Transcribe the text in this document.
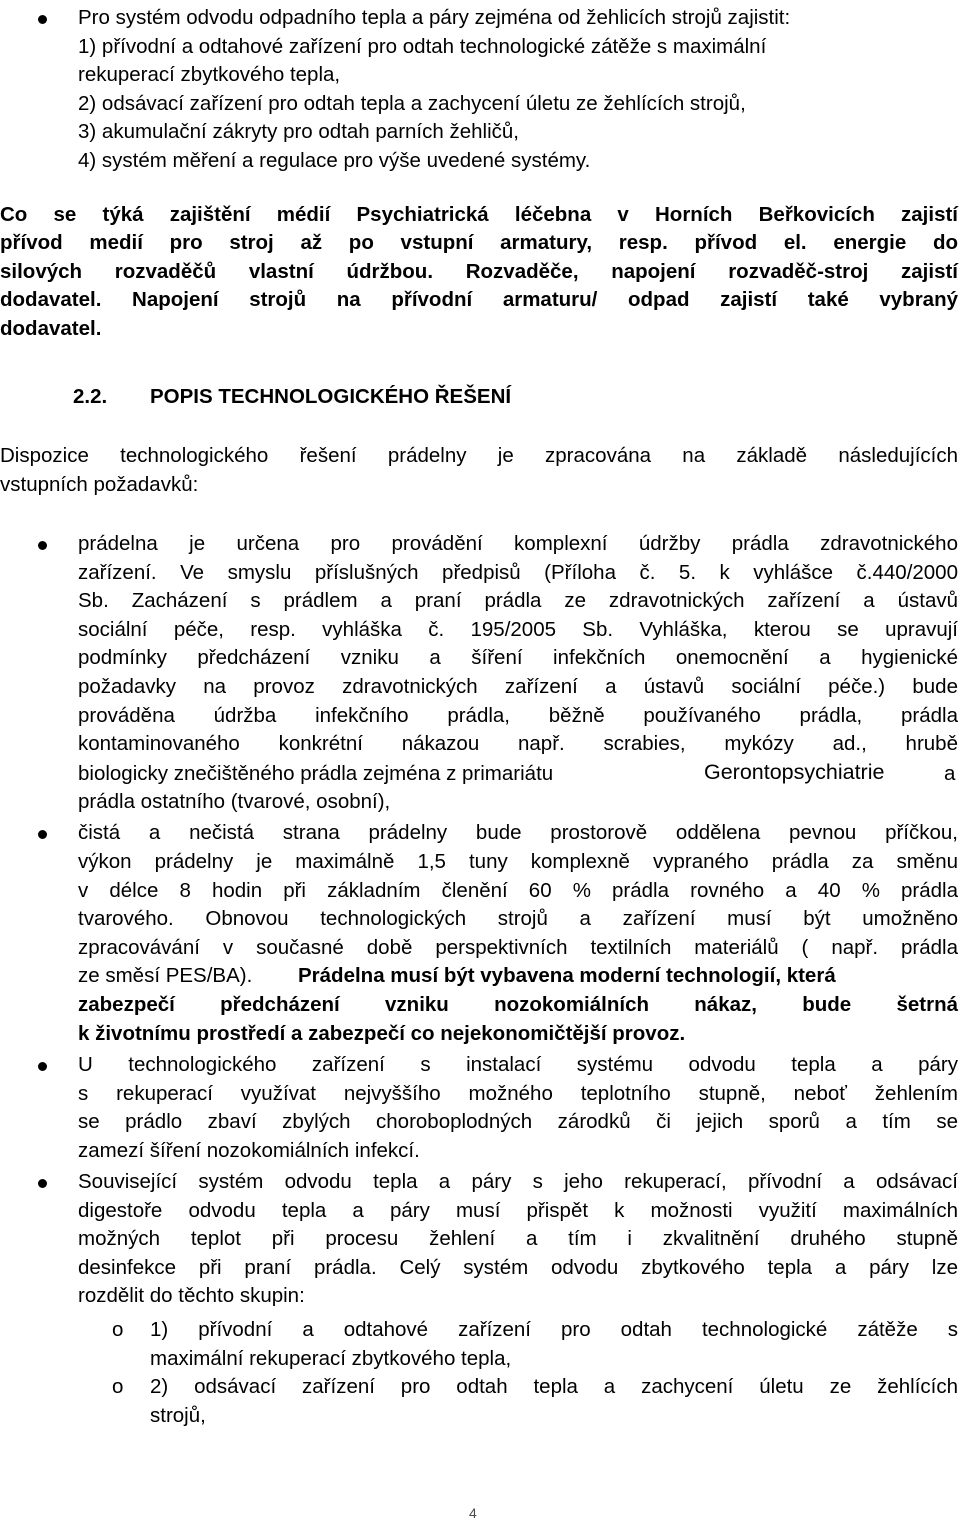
Pro systém odvodu odpadního tepla a páry zejména od žehlicích strojů zajistit:
1) přívodní a odtahové zařízení pro odtah technologické zátěže s maximální
rekuperací zbytkového tepla,
2) odsávací zařízení pro odtah tepla a zachycení úletu ze žehlících strojů,
3) akumulační zákryty pro odtah parních žehličů,
4) systém měření a regulace pro výše uvedené systémy.
Co se týká zajištění médií Psychiatrická léčebna v Horních Beřkovicích zajistí
přívod medií pro stroj až po vstupní armatury, resp. přívod el. energie do
silových rozvaděčů vlastní údržbou. Rozvaděče, napojení rozvaděč-stroj zajistí
dodavatel. Napojení strojů na přívodní armaturu/ odpad zajistí také vybraný
dodavatel.
2.2. POPIS TECHNOLOGICKÉHO ŘEŠENÍ
Dispozice technologického řešení prádelny je zpracována na základě následujících
vstupních požadavků:
prádelna je určena pro provádění komplexní údržby prádla zdravotnického
zařízení. Ve smyslu příslušných předpisů (Příloha č. 5. k vyhlášce č.440/2000
Sb. Zacházení s prádlem a praní prádla ze zdravotnických zařízení a ústavů
sociální péče, resp. vyhláška č. 195/2005 Sb. Vyhláška, kterou se upravují
podmínky předcházení vzniku a šíření infekčních onemocnění a hygienické
požadavky na provoz zdravotnických zařízení a ústavů sociální péče.) bude
prováděna údržba infekčního prádla, běžně používaného prádla, prádla
kontaminovaného konkrétní nákazou např. scrabies, mykózy ad., hrubě
biologicky znečištěného prádla zejména z primariátu	Gerontopsychiatrie	a
prádla ostatního (tvarové, osobní),
čistá a nečistá strana prádelny bude prostorově oddělena pevnou příčkou,
výkon prádelny je maximálně 1,5 tuny komplexně vypraného prádla za směnu
v délce 8 hodin při základním členění 60 % prádla rovného a 40 % prádla
tvarového. Obnovou technologických strojů a zařízení musí být umožněno
zpracovávání v současné době perspektivních textilních materiálů ( např. prádla
ze směsí PES/BA). Prádelna musí být vybavena moderní technologií, která
zabezpečí předcházení vzniku nozokomiálních nákaz, bude šetrná
k životnímu prostředí a zabezpečí co nejekonomičtější provoz.
U technologického zařízení s instalací systému odvodu tepla a páry
s rekuperací využívat nejvyššího možného teplotního stupně, neboť žehlením
se prádlo zbaví zbylých choroboplodných zárodků či jejich sporů a tím se
zamezí šíření nozokomiálních infekcí.
Související systém odvodu tepla a páry s jeho rekuperací, přívodní a odsávací
digestoře odvodu tepla a páry musí přispět k možnosti využití maximálních
možných teplot při procesu žehlení a tím i zkvalitnění druhého stupně
desinfekce při praní prádla. Celý systém odvodu zbytkového tepla a páry lze
rozdělit do těchto skupin:
o 1) přívodní a odtahové zařízení pro odtah technologické zátěže s
maximální rekuperací zbytkového tepla,
o 2) odsávací zařízení pro odtah tepla a zachycení úletu ze žehlících
strojů,
4
